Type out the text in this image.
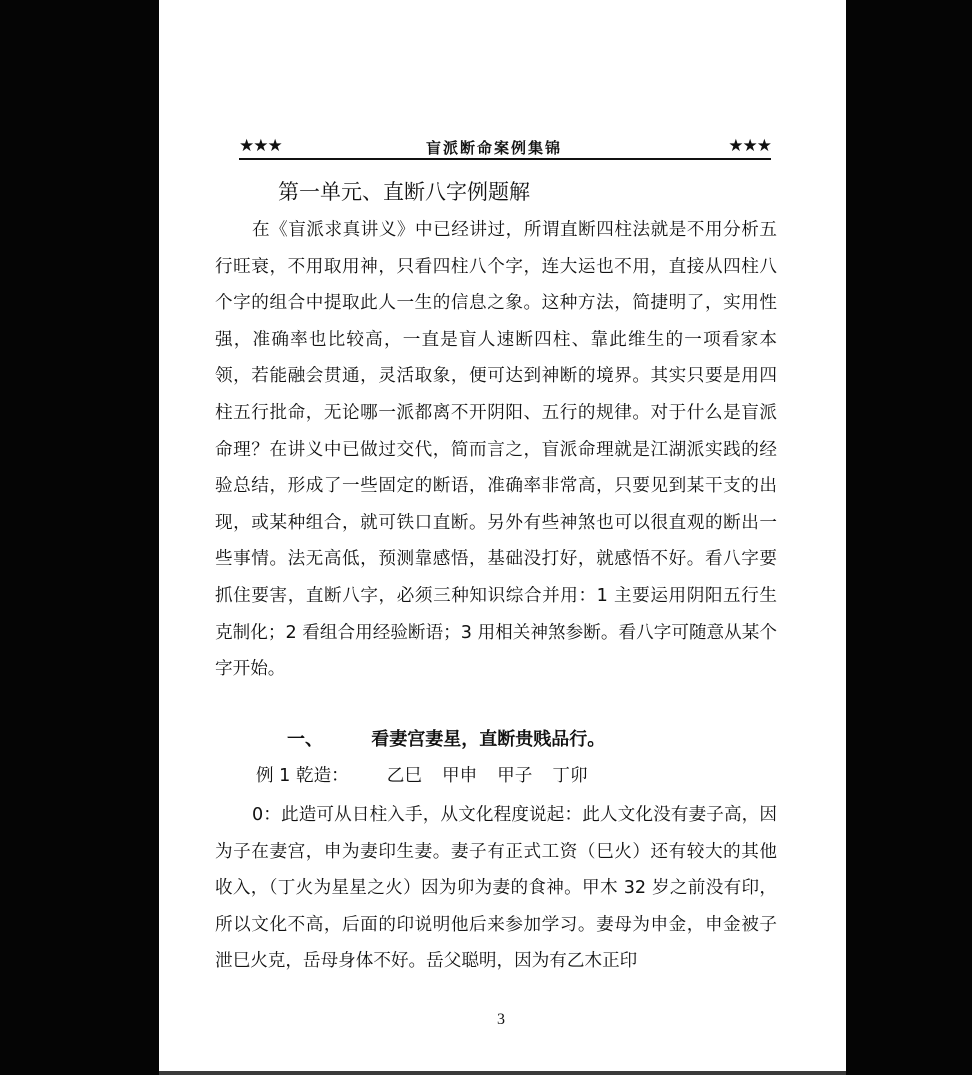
★★★	盲派断命案例集锦	★★★
第一单元、直断八字例题解

在《盲派求真讲义》中已经讲过，所谓直断四柱法就是不用分析五行旺衰，不用取用神，只看四柱八个字，连大运也不用，直接从四柱八个字的组合中提取此人一生的信息之象。这种方法，简捷明了，实用性强，准确率也比较高，一直是盲人速断四柱、靠此维生的一项看家本领，若能融会贯通，灵活取象，便可达到神断的境界。其实只要是用四柱五行批命，无论哪一派都离不开阴阳、五行的规律。对于什么是盲派命理？在讲义中已做过交代，简而言之，盲派命理就是江湖派实践的经验总结，形成了一些固定的断语，准确率非常高，只要见到某干支的出现，或某种组合，就可铁口直断。另外有些神煞也可以很直观的断出一些事情。法无高低，预测靠感悟，基础没打好，就感悟不好。看八字要抓住要害，直断八字，必须三种知识综合并用：1 主要运用阴阳五行生克制化；2 看组合用经验断语；3 用相关神煞参断。看八字可随意从某个字开始。

一、	看妻宫妻星，直断贵贱品行。
例 1 乾造： 乙巳 甲申 甲子 丁卯

0：此造可从日柱入手，从文化程度说起：此人文化没有妻子高，因为子在妻宫，申为妻印生妻。妻子有正式工资（巳火）还有较大的其他收入，（丁火为星星之火）因为卯为妻的食神。甲木 32 岁之前没有印，所以文化不高，后面的印说明他后来参加学习。妻母为申金，申金被子泄巳火克，岳母身体不好。岳父聪明，因为有乙木正印

3
